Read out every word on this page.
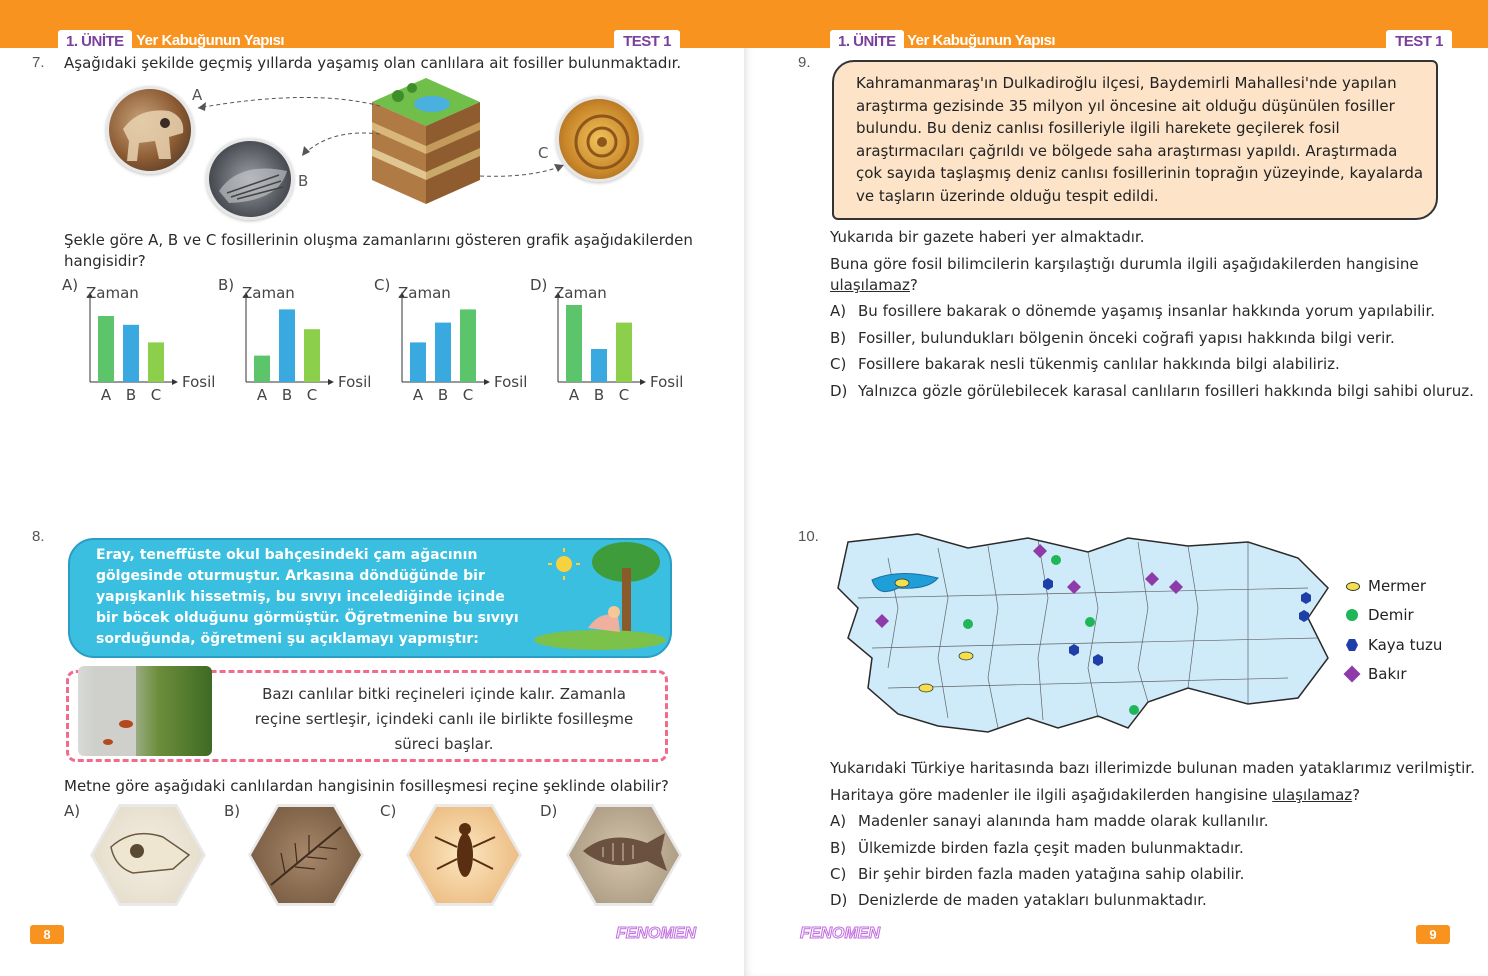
1. ÜNİTE Yer Kabuğunun Yapısı	TEST 1
7. Aşağıdaki şekilde geçmiş yıllarda yaşamış olan canlılara ait fosiller bulunmaktadır.
A
B
C
Şekle göre A, B ve C fosillerinin oluşma zamanlarını gösteren grafik aşağıdakilerden hangisidir?
A) Zaman
Fosil
A B C
B) Zaman
Fosil
A B C
C) Zaman
Fosil
A B C
D) Zaman
Fosil
A B C
8.
Eray, teneffüste okul bahçesindeki çam ağacının gölgesinde oturmuştur. Arkasına döndüğünde bir yapışkanlık hissetmiş, bu sıvıyı incelediğinde içinde bir böcek olduğunu görmüştür. Öğretmenine bu sıvıyı sorduğunda, öğretmeni şu açıklamayı yapmıştır:
Bazı canlılar bitki reçineleri içinde kalır. Zamanla reçine sertleşir, içindeki canlı ile birlikte fosilleşme süreci başlar.
Metne göre aşağıdaki canlılardan hangisinin fosilleşmesi reçine şeklinde olabilir?
A)	B)	C)	D)
8	FENOMEN
1. ÜNİTE Yer Kabuğunun Yapısı	TEST 1
9
FENOMEN
9.
Kahramanmaraş'ın Dulkadiroğlu ilçesi, Baydemirli Mahallesi'nde yapılan araştırma gezisinde 35 milyon yıl öncesine ait olduğu düşünülen fosiller bulundu. Bu deniz canlısı fosilleriyle ilgili harekete geçilerek fosil araştırmacıları çağrıldı ve bölgede saha araştırması yapıldı. Araştırmada çok sayıda taşlaşmış deniz canlısı fosillerinin toprağın yüzeyinde, kayalarda ve taşların üzerinde olduğu tespit edildi.
Yukarıda bir gazete haberi yer almaktadır.
Buna göre fosil bilimcilerin karşılaştığı durumla ilgili aşağıdakilerden hangisine ulaşılamaz?
A) Bu fosillere bakarak o dönemde yaşamış insanlar hakkında yorum yapılabilir.
B) Fosiller, bulundukları bölgenin önceki coğrafi yapısı hakkında bilgi verir.
C) Fosillere bakarak nesli tükenmiş canlılar hakkında bilgi alabiliriz.
D) Yalnızca gözle görülebilecek karasal canlıların fosilleri hakkında bilgi sahibi oluruz.
10.
Mermer
Demir
Kaya tuzu
Bakır
Yukarıdaki Türkiye haritasında bazı illerimizde bulunan maden yataklarımız verilmiştir.
Haritaya göre madenler ile ilgili aşağıdakilerden hangisine ulaşılamaz?
A) Madenler sanayi alanında ham madde olarak kullanılır.
B) Ülkemizde birden fazla çeşit maden bulunmaktadır.
C) Bir şehir birden fazla maden yatağına sahip olabilir.
D) Denizlerde de maden yatakları bulunmaktadır.
